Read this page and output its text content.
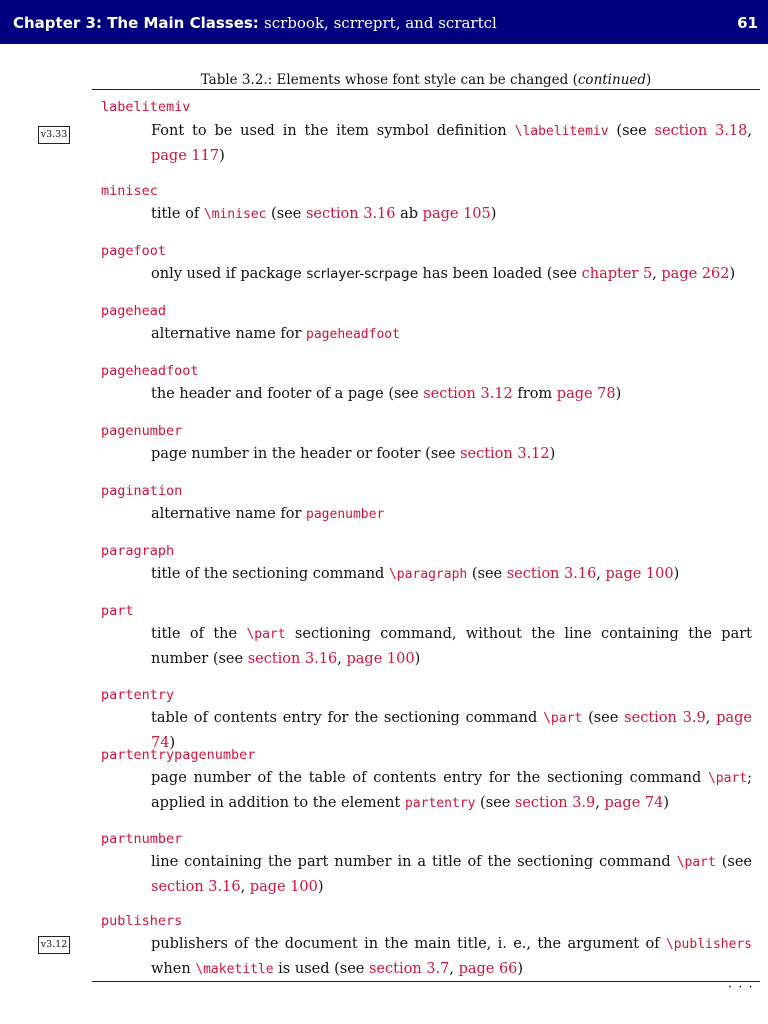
Chapter 3: The Main Classes: scrbook, scrreprt, and scrartcl	61
Table 3.2.: Elements whose font style can be changed (continued)
v3.33
labelitemiv
Font to be used in the item symbol definition \labelitemiv (see section 3.18, page 117)
minisec
title of \minisec (see section 3.16 ab page 105)
pagefoot
only used if package scrlayer-scrpage has been loaded (see chapter 5, page 262)
pagehead
alternative name for pageheadfoot
pageheadfoot
the header and footer of a page (see section 3.12 from page 78)
pagenumber
page number in the header or footer (see section 3.12)
pagination
alternative name for pagenumber
paragraph
title of the sectioning command \paragraph (see section 3.16, page 100)
part
title of the \part sectioning command, without the line containing the part number (see section 3.16, page 100)
partentry
table of contents entry for the sectioning command \part (see section 3.9, page 74)
partentrypagenumber
page number of the table of contents entry for the sectioning command \part; applied in addition to the element partentry (see section 3.9, page 74)
partnumber
line containing the part number in a title of the sectioning command \part (see section 3.16, page 100)
v3.12
publishers
publishers of the document in the main title, i. e., the argument of \publishers when \maketitle is used (see section 3.7, page 66)
· · ·
